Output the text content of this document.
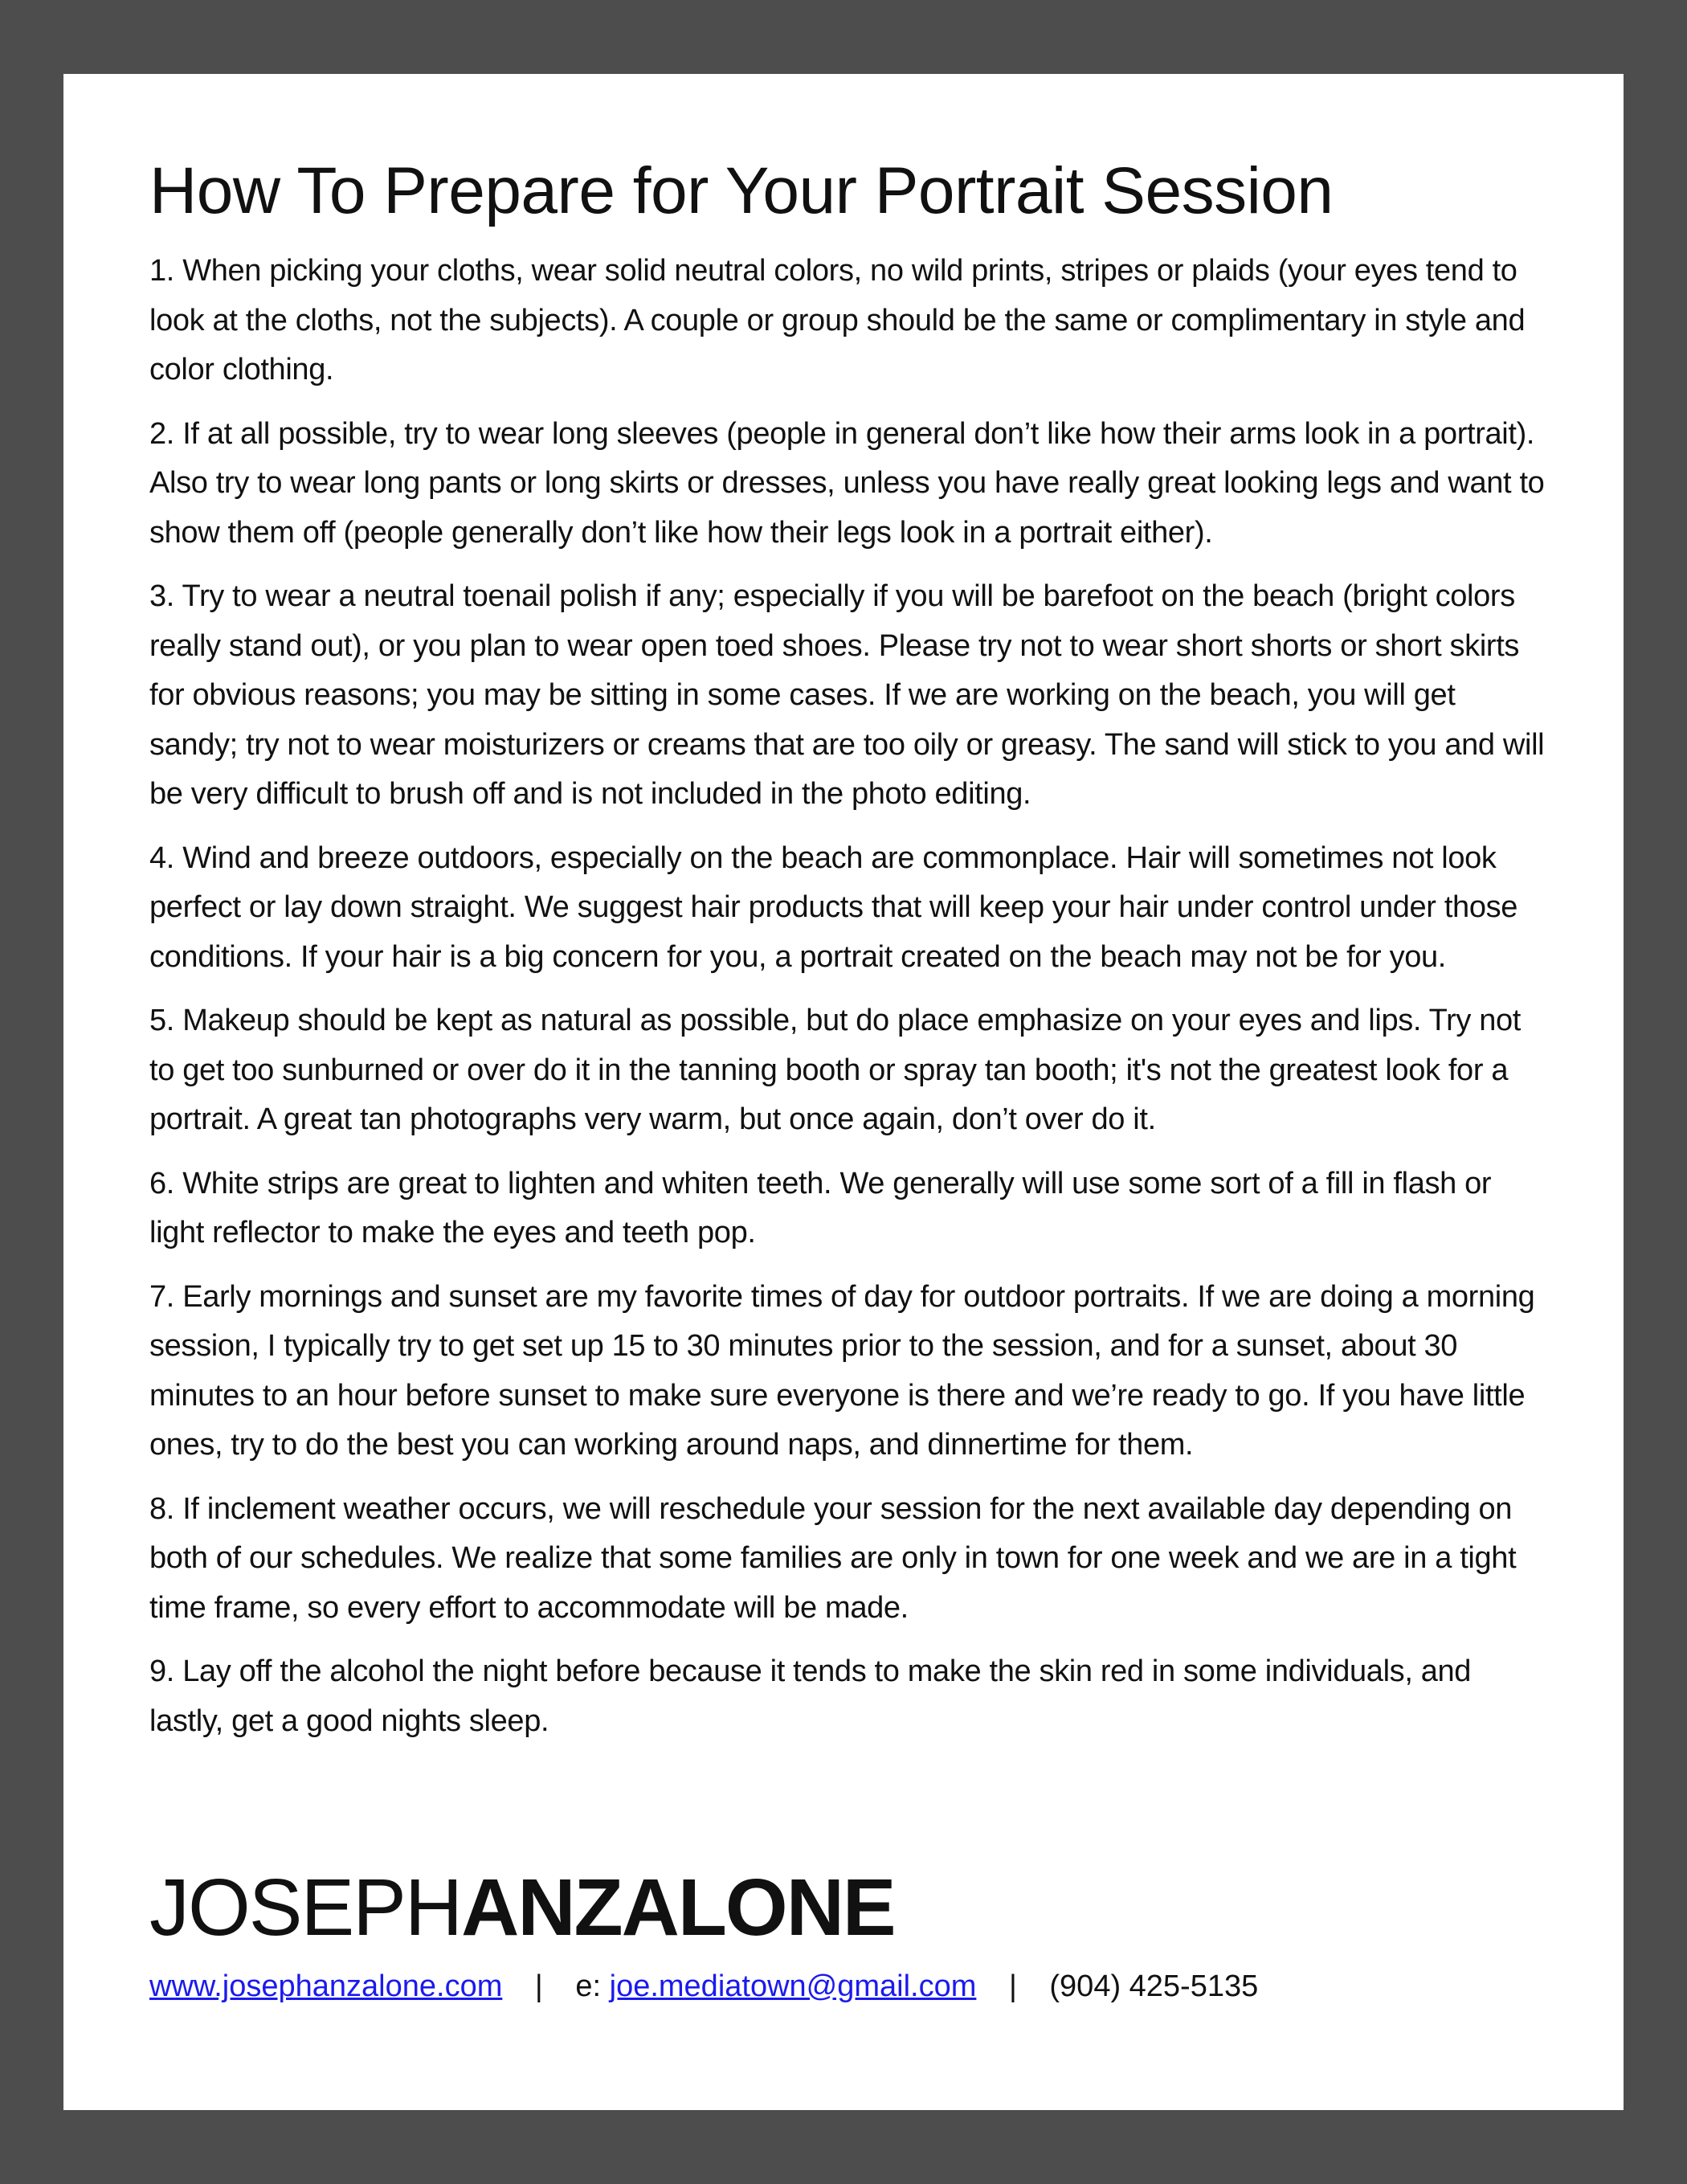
How To Prepare for Your Portrait Session

1. When picking your cloths, wear solid neutral colors, no wild prints, stripes or plaids (your eyes tend to look at the cloths, not the subjects). A couple or group should be the same or complimentary in style and color clothing.

2. If at all possible, try to wear long sleeves (people in general don’t like how their arms look in a portrait). Also try to wear long pants or long skirts or dresses, unless you have really great looking legs and want to show them off (people generally don’t like how their legs look in a portrait either).

3. Try to wear a neutral toenail polish if any; especially if you will be barefoot on the beach (bright colors really stand out), or you plan to wear open toed shoes. Please try not to wear short shorts or short skirts for obvious reasons; you may be sitting in some cases. If we are working on the beach, you will get sandy; try not to wear moisturizers or creams that are too oily or greasy. The sand will stick to you and will be very difficult to brush off and is not included in the photo editing.

4. Wind and breeze outdoors, especially on the beach are commonplace. Hair will sometimes not look perfect or lay down straight. We suggest hair products that will keep your hair under control under those conditions. If your hair is a big concern for you, a portrait created on the beach may not be for you.

5. Makeup should be kept as natural as possible, but do place emphasize on your eyes and lips. Try not to get too sunburned or over do it in the tanning booth or spray tan booth; it's not the greatest look for a portrait. A great tan photographs very warm, but once again, don’t over do it.

6. White strips are great to lighten and whiten teeth. We generally will use some sort of a fill in flash or light reflector to make the eyes and teeth pop.

7. Early mornings and sunset are my favorite times of day for outdoor portraits. If we are doing a morning session, I typically try to get set up 15 to 30 minutes prior to the session, and for a sunset, about 30 minutes to an hour before sunset to make sure everyone is there and we’re ready to go. If you have little ones, try to do the best you can working around naps, and dinnertime for them.

8. If inclement weather occurs, we will reschedule your session for the next available day depending on both of our schedules. We realize that some families are only in town for one week and we are in a tight time frame, so every effort to accommodate will be made.

9. Lay off the alcohol the night before because it tends to make the skin red in some individuals, and lastly, get a good nights sleep.

JOSEPHANZALONE
www.josephanzalone.com | e: joe.mediatown@gmail.com | (904) 425-5135
